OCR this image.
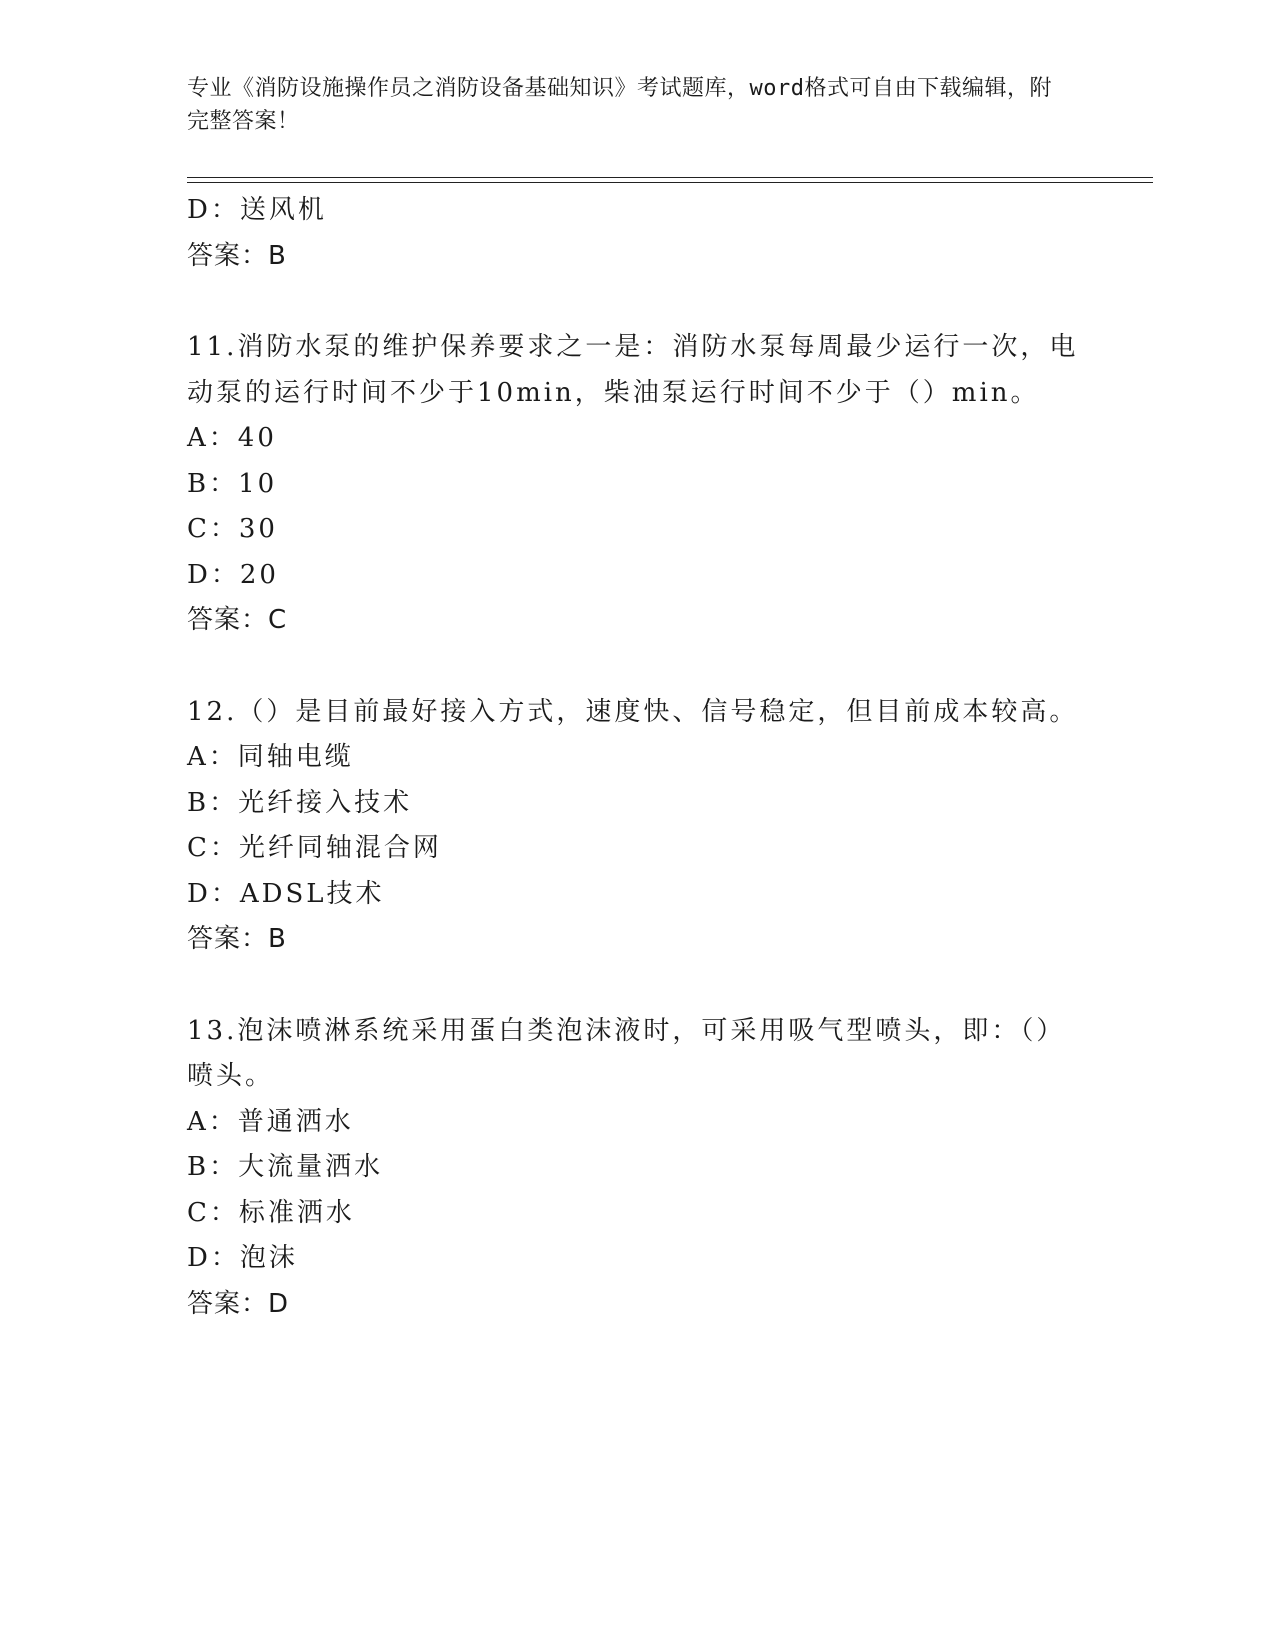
专业《消防设施操作员之消防设备基础知识》考试题库，word格式可自由下载编辑，附完整答案！
D：送风机
答案：B
11.消防水泵的维护保养要求之一是：消防水泵每周最少运行一次，电动泵的运行时间不少于10min，柴油泵运行时间不少于（）min。
A：40
B：10
C：30
D：20
答案：C
12.（）是目前最好接入方式，速度快、信号稳定，但目前成本较高。
A：同轴电缆
B：光纤接入技术
C：光纤同轴混合网
D：ADSL技术
答案：B
13.泡沫喷淋系统采用蛋白类泡沫液时，可采用吸气型喷头，即：（）喷头。
A：普通洒水
B：大流量洒水
C：标准洒水
D：泡沫
答案：D
